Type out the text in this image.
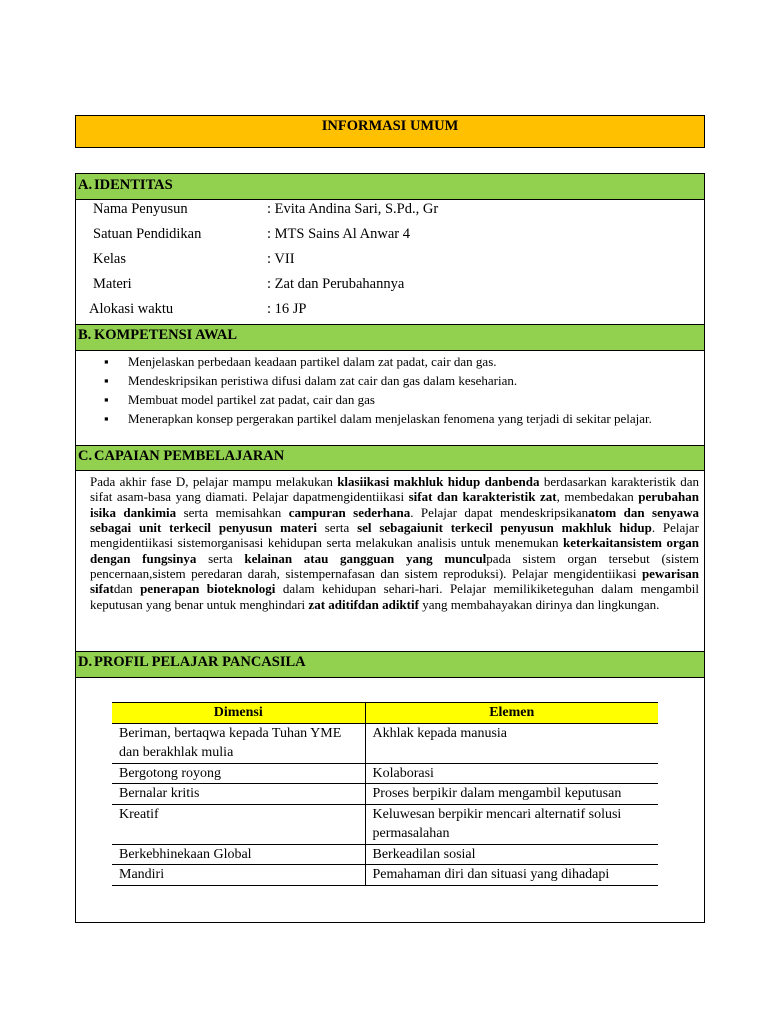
INFORMASI UMUM
A. IDENTITAS
Nama Penyusun	: Evita Andina Sari, S.Pd., Gr
Satuan Pendidikan	: MTS Sains Al Anwar 4
Kelas	: VII
Materi	: Zat dan Perubahannya
Alokasi waktu	: 16 JP
B. KOMPETENSI AWAL
▪ Menjelaskan perbedaan keadaan partikel dalam zat padat, cair dan gas.
▪ Mendeskripsikan peristiwa difusi dalam zat cair dan gas dalam keseharian.
▪ Membuat model partikel zat padat, cair dan gas
▪ Menerapkan konsep pergerakan partikel dalam menjelaskan fenomena yang terjadi di sekitar pelajar.
C. CAPAIAN PEMBELAJARAN
Pada akhir fase D, pelajar mampu melakukan klasiikasi makhluk hidup danbenda berdasarkan karakteristik dan sifat asam-basa yang diamati. Pelajar dapatmengidentiikasi sifat dan karakteristik zat, membedakan perubahan isika dankimia serta memisahkan campuran sederhana. Pelajar dapat mendeskripsikanatom dan senyawa sebagai unit terkecil penyusun materi serta sel sebagaiunit terkecil penyusun makhluk hidup. Pelajar mengidentiikasi sistemorganisasi kehidupan serta melakukan analisis untuk menemukan keterkaitansistem organ dengan fungsinya serta kelainan atau gangguan yang munculpada sistem organ tersebut (sistem pencernaan,sistem peredaran darah, sistempernafasan dan sistem reproduksi). Pelajar mengidentiikasi pewarisan sifatdan penerapan bioteknologi dalam kehidupan sehari-hari. Pelajar memilikiketeguhan dalam mengambil keputusan yang benar untuk menghindari zat aditifdan adiktif yang membahayakan dirinya dan lingkungan.
D. PROFIL PELAJAR PANCASILA
Dimensi	Elemen
Beriman, bertaqwa kepada Tuhan YME dan berakhlak mulia	Akhlak kepada manusia
Bergotong royong	Kolaborasi
Bernalar kritis	Proses berpikir dalam mengambil keputusan
Kreatif	Keluwesan berpikir mencari alternatif solusi permasalahan
Berkebhinekaan Global	Berkeadilan sosial
Mandiri	Pemahaman diri dan situasi yang dihadapi
